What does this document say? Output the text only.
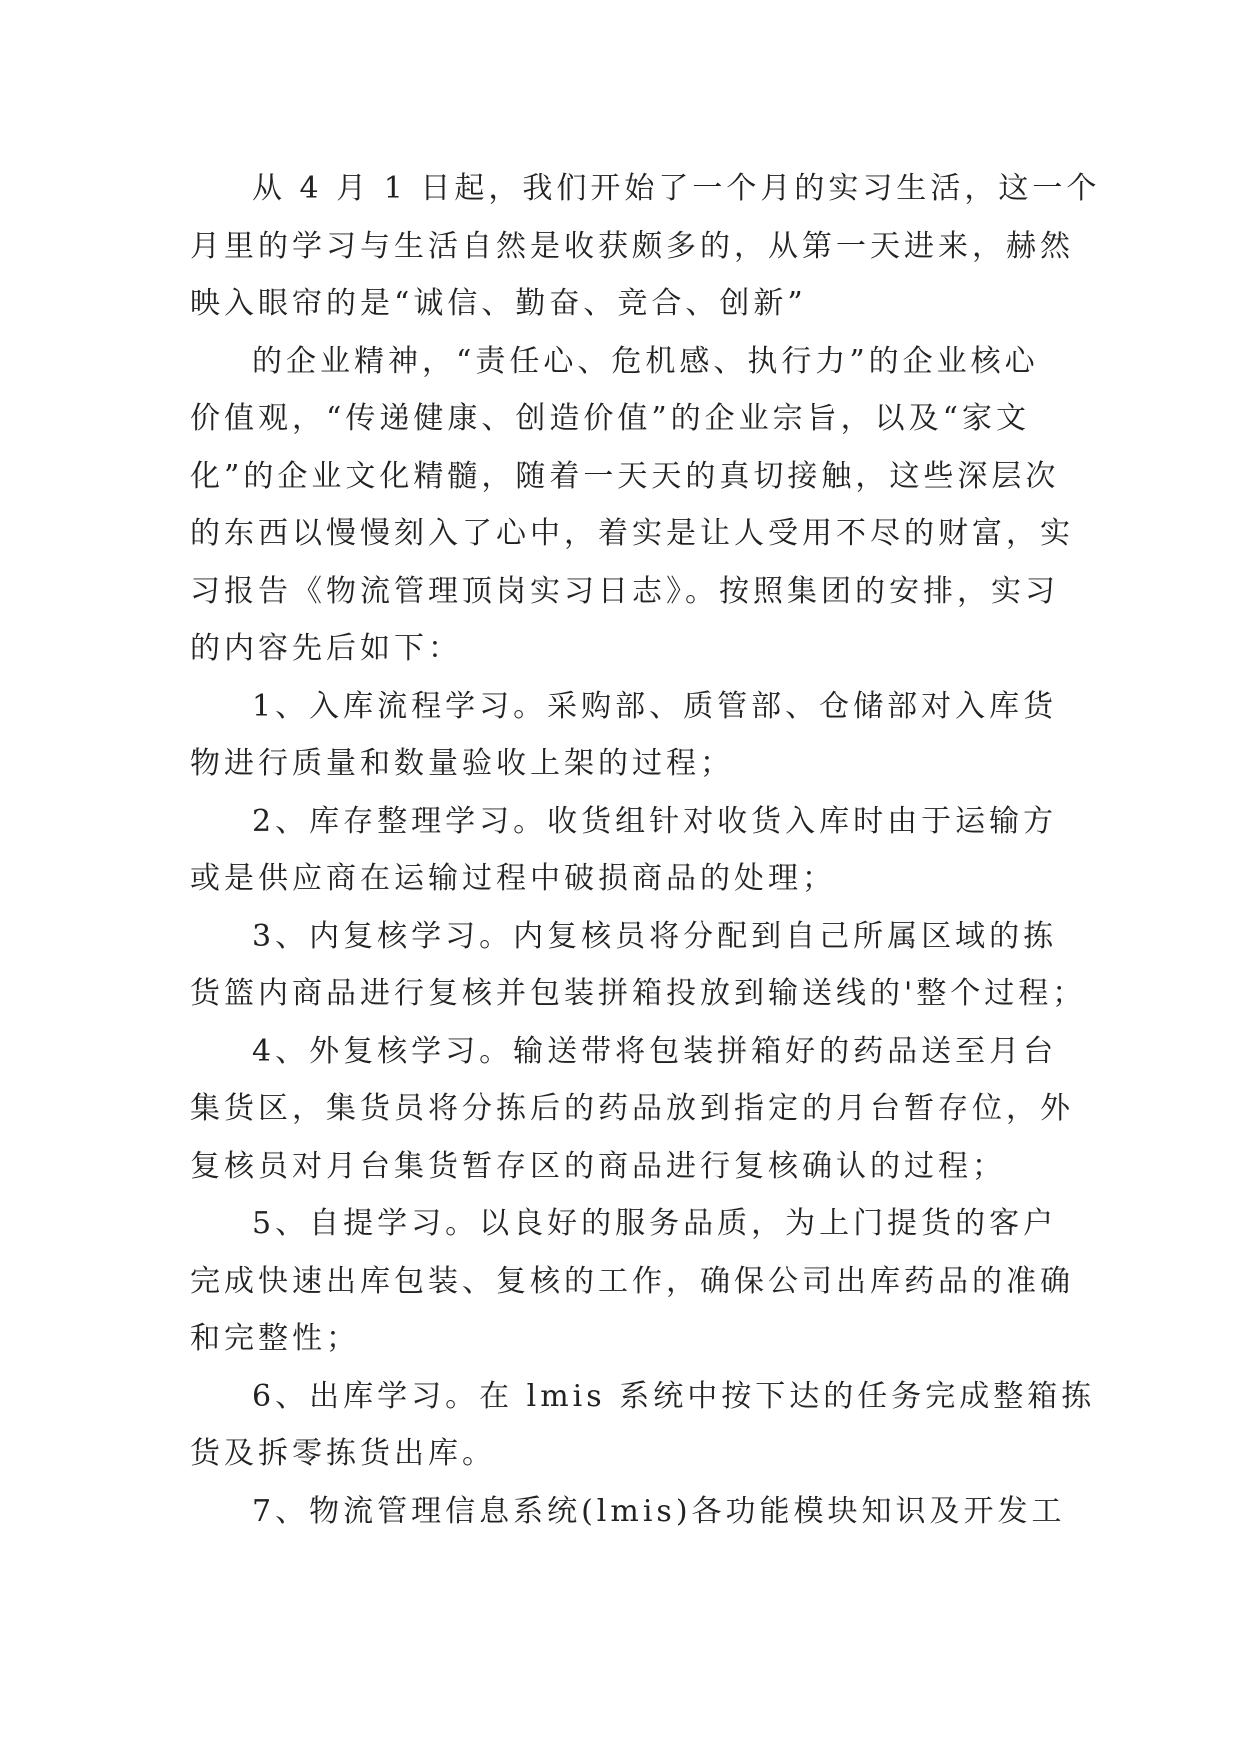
从 4 月 1 日起，我们开始了一个月的实习生活，这一个
月里的学习与生活自然是收获颇多的，从第一天进来，赫然
映入眼帘的是“诚信、勤奋、竞合、创新”

的企业精神，“责任心、危机感、执行力”的企业核心
价值观，“传递健康、创造价值”的企业宗旨，以及“家文
化”的企业文化精髓，随着一天天的真切接触，这些深层次
的东西以慢慢刻入了心中，着实是让人受用不尽的财富，实
习报告《物流管理顶岗实习日志》。按照集团的安排，实习
的内容先后如下：

1、入库流程学习。采购部、质管部、仓储部对入库货
物进行质量和数量验收上架的过程；

2、库存整理学习。收货组针对收货入库时由于运输方
或是供应商在运输过程中破损商品的处理；

3、内复核学习。内复核员将分配到自己所属区域的拣
货篮内商品进行复核并包装拼箱投放到输送线的'整个过程；

4、外复核学习。输送带将包装拼箱好的药品送至月台
集货区，集货员将分拣后的药品放到指定的月台暂存位，外
复核员对月台集货暂存区的商品进行复核确认的过程；

5、自提学习。以良好的服务品质，为上门提货的客户
完成快速出库包装、复核的工作，确保公司出库药品的准确
和完整性；

6、出库学习。在 lmis 系统中按下达的任务完成整箱拣
货及拆零拣货出库。

7、物流管理信息系统(lmis)各功能模块知识及开发工
